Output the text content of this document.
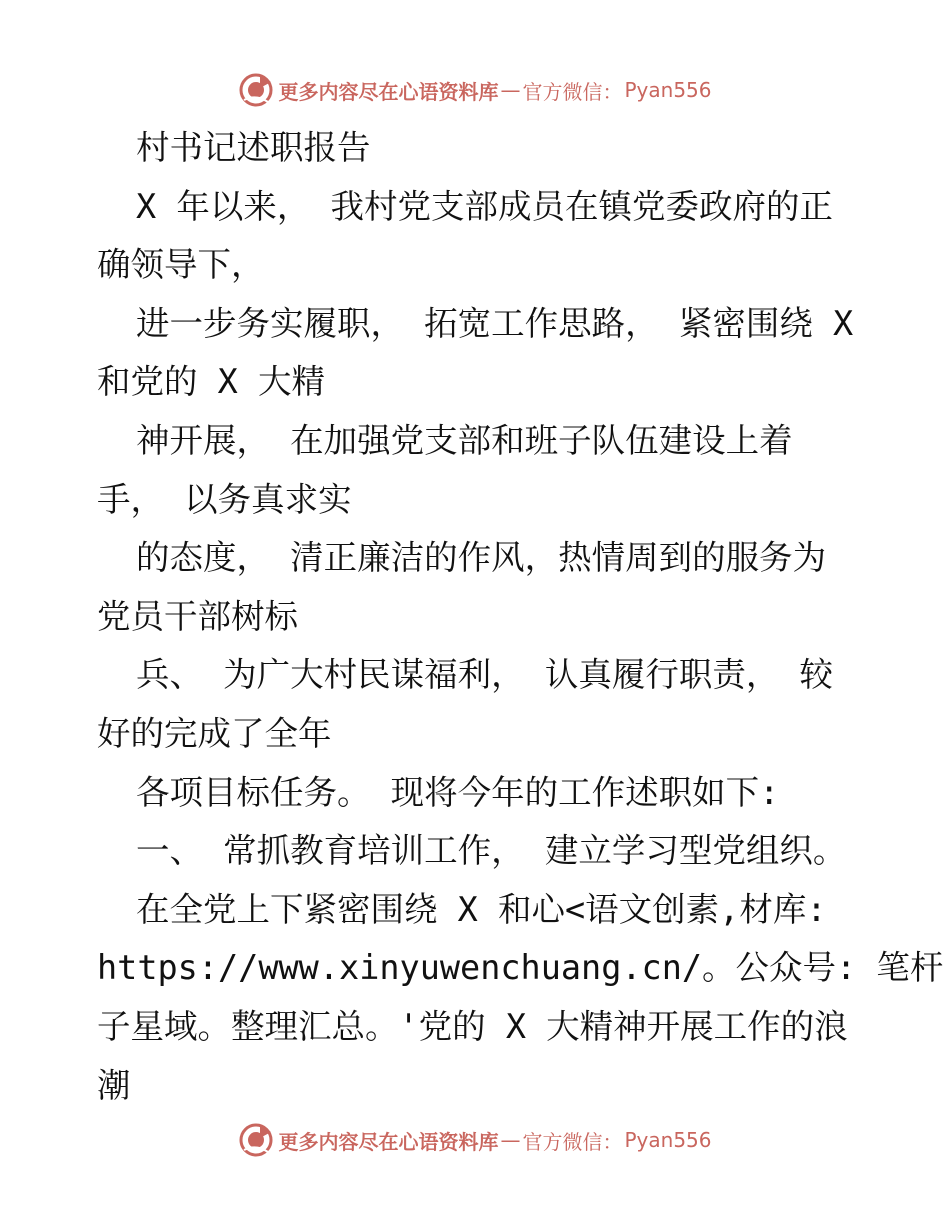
更多内容尽在心语资料库 — 官方微信： Pyan556
村书记述职报告
X 年以来， 我村党支部成员在镇党委政府的正
确领导下，
进一步务实履职， 拓宽工作思路， 紧密围绕 X
和党的 X 大精
神开展， 在加强党支部和班子队伍建设上着
手， 以务真求实
的态度， 清正廉洁的作风，热情周到的服务为
党员干部树标
兵、 为广大村民谋福利， 认真履行职责， 较
好的完成了全年
各项目标任务。 现将今年的工作述职如下:
一、 常抓教育培训工作， 建立学习型党组织。
在全党上下紧密围绕 X 和心<语文创素,材库:
https://www.xinyuwenchuang.cn/。公众号: 笔杆
子星域。整理汇总。'党的 X 大精神开展工作的浪
潮
更多内容尽在心语资料库 — 官方微信： Pyan556
